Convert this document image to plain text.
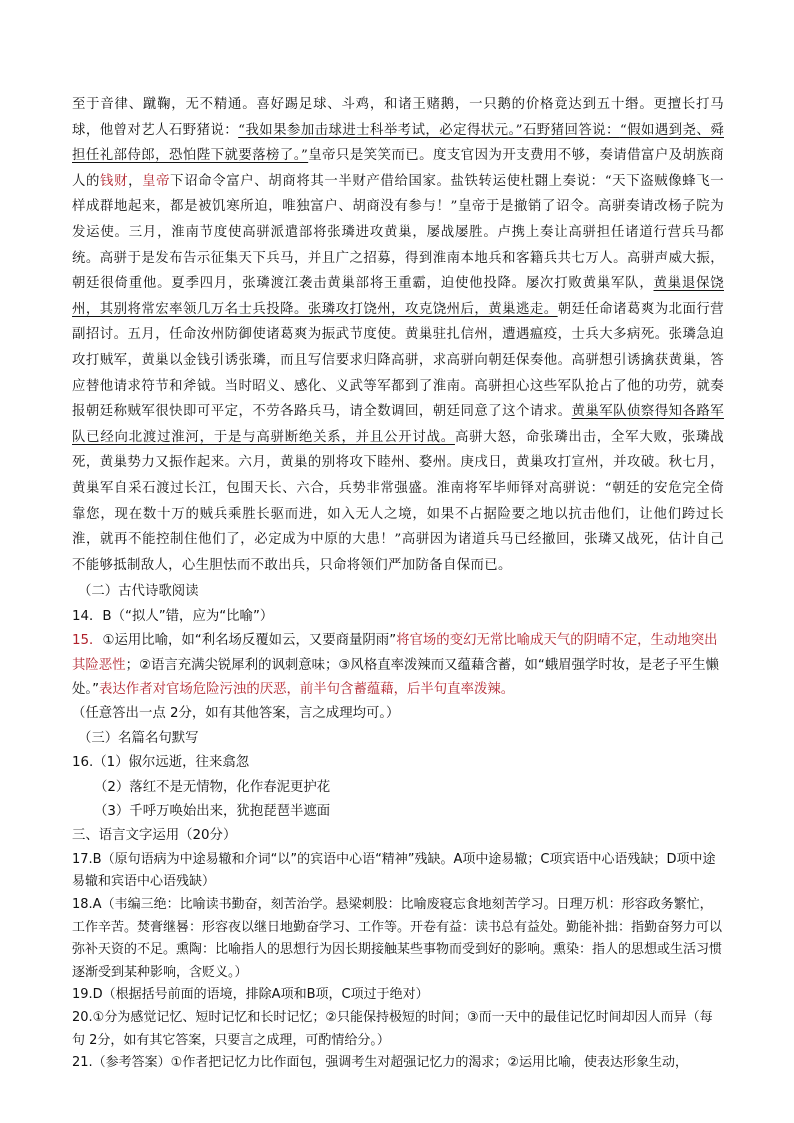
至于音律、蹴鞠，无不精通。喜好踢足球、斗鸡，和诸王赌鹅，一只鹅的价格竟达到五十缗。更擅长打马球，他曾对艺人石野猪说：“我如果参加击球进士科举考试，必定得状元。”石野猪回答说：“假如遇到尧、舜担任礼部侍郎，恐怕陛下就要落榜了。”皇帝只是笑笑而已。度支官因为开支费用不够，奏请借富户及胡族商人的钱财，皇帝下诏命令富户、胡商将其一半财产借给国家。盐铁转运使杜翾上奏说：“天下盗贼像蜂飞一样成群地起来，都是被饥寒所迫，唯独富户、胡商没有参与！”皇帝于是撤销了诏令。高骈奏请改杨子院为发运使。三月，淮南节度使高骈派遣部将张璘进攻黄巢，屡战屡胜。卢携上奏让高骈担任诸道行营兵马都统。高骈于是发布告示征集天下兵马，并且广之招募，得到淮南本地兵和客籍兵共七万人。高骈声威大振，朝廷很倚重他。夏季四月，张璘渡江袭击黄巢部将王重霸，迫使他投降。屡次打败黄巢军队，黄巢退保饶州，其别将常宏率领几万名士兵投降。张璘攻打饶州，攻克饶州后，黄巢逃走。朝廷任命诸葛爽为北面行营副招讨。五月，任命汝州防御使诸葛爽为振武节度使。黄巢驻扎信州，遭遇瘟疫，士兵大多病死。张璘急迫攻打贼军，黄巢以金钱引诱张璘，而且写信要求归降高骈，求高骈向朝廷保奏他。高骈想引诱擒获黄巢，答应替他请求符节和斧钺。当时昭义、感化、义武等军都到了淮南。高骈担心这些军队抢占了他的功劳，就奏报朝廷称贼军很快即可平定，不劳各路兵马，请全数调回，朝廷同意了这个请求。黄巢军队侦察得知各路军队已经向北渡过淮河，于是与高骈断绝关系，并且公开讨战。高骈大怒，命张璘出击，全军大败，张璘战死，黄巢势力又振作起来。六月，黄巢的别将攻下睦州、婺州。庚戌日，黄巢攻打宣州，并攻破。秋七月，黄巢军自采石渡过长江，包围天长、六合，兵势非常强盛。淮南将军毕师铎对高骈说：“朝廷的安危完全倚靠您，现在数十万的贼兵乘胜长驱而进，如入无人之境，如果不占据险要之地以抗击他们，让他们跨过长淮，就再不能控制住他们了，必定成为中原的大患！”高骈因为诸道兵马已经撤回，张璘又战死，估计自己不能够抵制敌人，心生胆怯而不敢出兵，只命将领们严加防备自保而已。

（二）古代诗歌阅读

14．B（“拟人”错，应为“比喻”）

15．①运用比喻，如“利名场反覆如云，又要商量阴雨”将官场的变幻无常比喻成天气的阴晴不定，生动地突出其险恶性；②语言充满尖锐犀利的讽刺意味；③风格直率泼辣而又蕴藉含蓄，如“蛾眉强学时妆，是老子平生懒处。”表达作者对官场危险污浊的厌恶，前半句含蓄蕴藉，后半句直率泼辣。

（任意答出一点 2分，如有其他答案，言之成理均可。）

（三）名篇名句默写

16.（1）俶尔远逝，往来翕忽

（2）落红不是无情物，化作春泥更护花

（3）千呼万唤始出来，犹抱琵琶半遮面

三、语言文字运用（20分）

17.B（原句语病为中途易辙和介词“以”的宾语中心语“精神”残缺。A项中途易辙；C项宾语中心语残缺；D项中途易辙和宾语中心语残缺）

18.A（韦编三绝：比喻读书勤奋，刻苦治学。悬梁刺股：比喻废寝忘食地刻苦学习。日理万机：形容政务繁忙，工作辛苦。焚膏继晷：形容夜以继日地勤奋学习、工作等。开卷有益：读书总有益处。勤能补拙：指勤奋努力可以弥补天资的不足。熏陶：比喻指人的思想行为因长期接触某些事物而受到好的影响。熏染：指人的思想或生活习惯逐渐受到某种影响，含贬义。）

19.D（根据括号前面的语境，排除A项和B项，C项过于绝对）

20.①分为感觉记忆、短时记忆和长时记忆；②只能保持极短的时间；③而一天中的最佳记忆时间却因人而异（每句 2分，如有其它答案，只要言之成理，可酌情给分。）

21.（参考答案）①作者把记忆力比作面包，强调考生对超强记忆力的渴求；②运用比喻，使表达形象生动，
